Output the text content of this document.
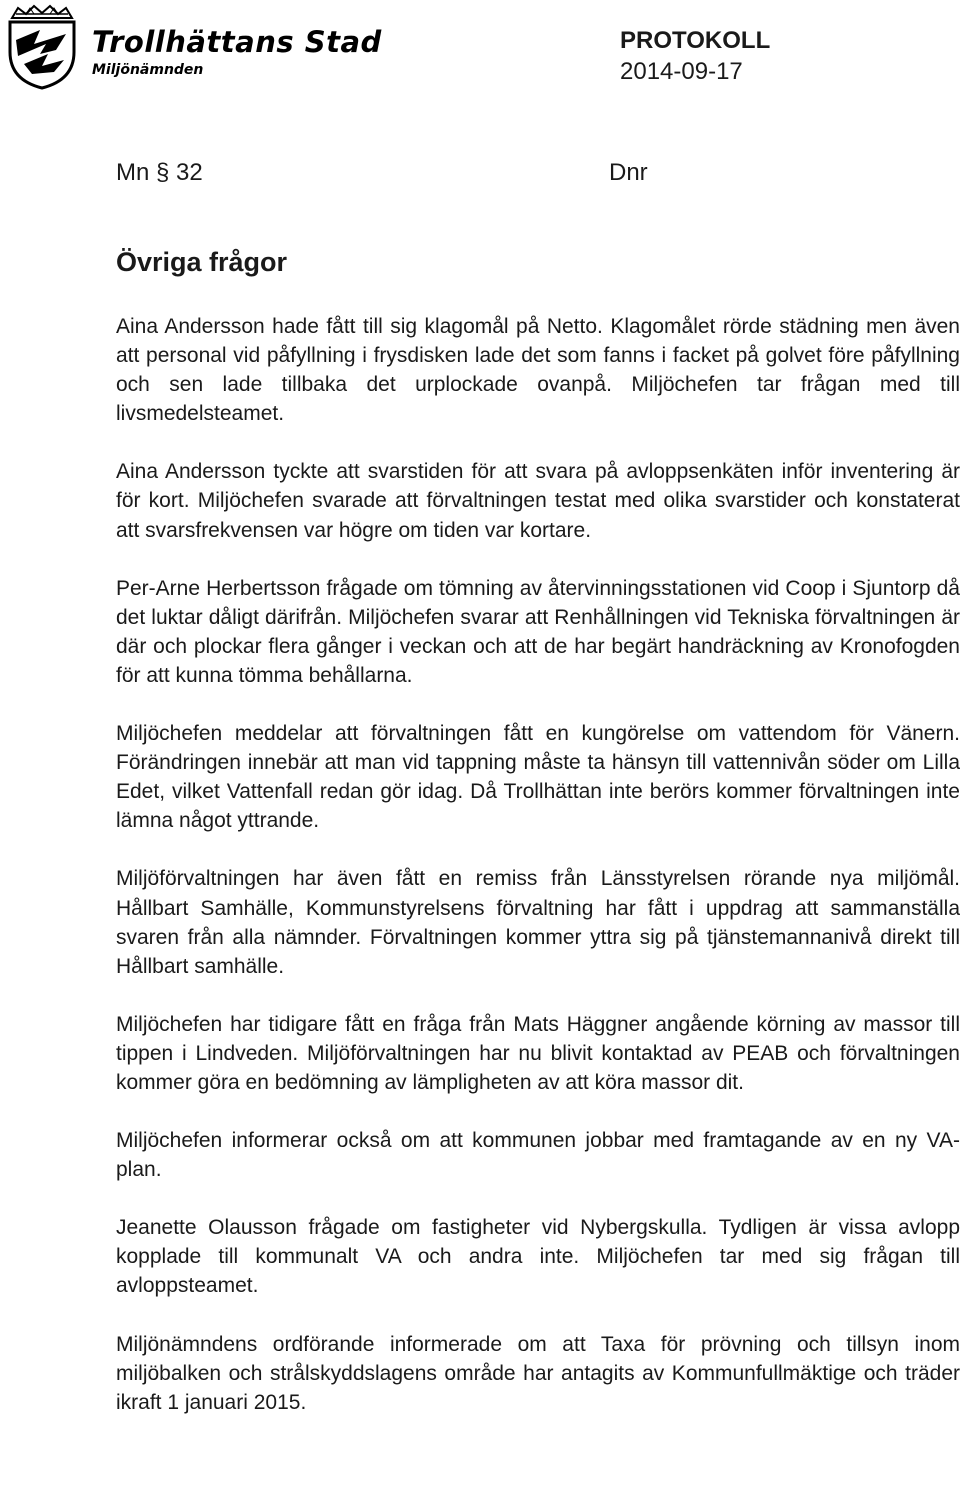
Trollhättans Stad

Miljönämnden

PROTOKOLL

2014-09-17

Mn § 32	Dnr
Övriga frågor

Aina Andersson hade fått till sig klagomål på Netto. Klagomålet rörde städning men även att personal vid påfyllning i frysdisken lade det som fanns i facket på golvet före påfyllning och sen lade tillbaka det urplockade ovanpå. Miljöchefen tar frågan med till livsmedelsteamet.

Aina Andersson tyckte att svarstiden för att svara på avloppsenkäten inför inventering är för kort. Miljöchefen svarade att förvaltningen testat med olika svarstider och konstaterat att svarsfrekvensen var högre om tiden var kortare.

Per-Arne Herbertsson frågade om tömning av återvinningsstationen vid Coop i Sjuntorp då det luktar dåligt därifrån. Miljöchefen svarar att Renhållningen vid Tekniska förvaltningen är där och plockar flera gånger i veckan och att de har begärt handräckning av Kronofogden för att kunna tömma behållarna.

Miljöchefen meddelar att förvaltningen fått en kungörelse om vattendom för Vänern. Förändringen innebär att man vid tappning måste ta hänsyn till vattennivån söder om Lilla Edet, vilket Vattenfall redan gör idag. Då Trollhättan inte berörs kommer förvaltningen inte lämna något yttrande.

Miljöförvaltningen har även fått en remiss från Länsstyrelsen rörande nya miljömål. Hållbart Samhälle, Kommunstyrelsens förvaltning har fått i uppdrag att sammanställa svaren från alla nämnder. Förvaltningen kommer yttra sig på tjänstemannanivå direkt till Hållbart samhälle.

Miljöchefen har tidigare fått en fråga från Mats Häggner angående körning av massor till tippen i Lindveden. Miljöförvaltningen har nu blivit kontaktad av PEAB och förvaltningen kommer göra en bedömning av lämpligheten av att köra massor dit.

Miljöchefen informerar också om att kommunen jobbar med framtagande av en ny VA-plan.

Jeanette Olausson frågade om fastigheter vid Nybergskulla. Tydligen är vissa avlopp kopplade till kommunalt VA och andra inte. Miljöchefen tar med sig frågan till avloppsteamet.

Miljönämndens ordförande informerade om att Taxa för prövning och tillsyn inom miljöbalken och strålskyddslagens område har antagits av Kommunfullmäktige och träder ikraft 1 januari 2015.
